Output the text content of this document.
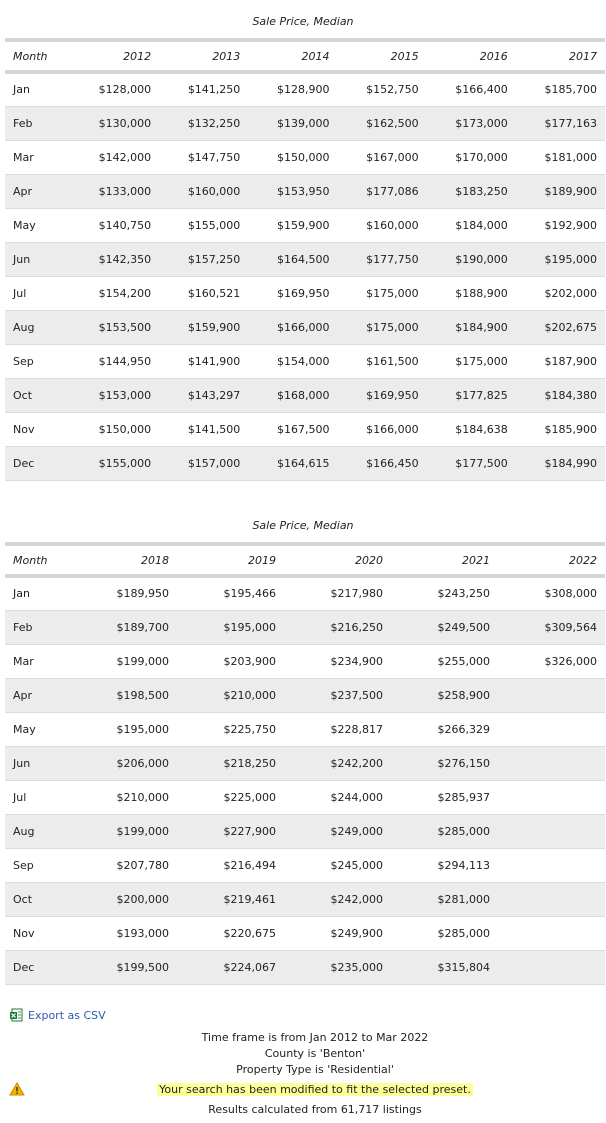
Sale Price, Median
Month	2012	2013	2014	2015	2016	2017
Jan	$128,000	$141,250	$128,900	$152,750	$166,400	$185,700
Feb	$130,000	$132,250	$139,000	$162,500	$173,000	$177,163
Mar	$142,000	$147,750	$150,000	$167,000	$170,000	$181,000
Apr	$133,000	$160,000	$153,950	$177,086	$183,250	$189,900
May	$140,750	$155,000	$159,900	$160,000	$184,000	$192,900
Jun	$142,350	$157,250	$164,500	$177,750	$190,000	$195,000
Jul	$154,200	$160,521	$169,950	$175,000	$188,900	$202,000
Aug	$153,500	$159,900	$166,000	$175,000	$184,900	$202,675
Sep	$144,950	$141,900	$154,000	$161,500	$175,000	$187,900
Oct	$153,000	$143,297	$168,000	$169,950	$177,825	$184,380
Nov	$150,000	$141,500	$167,500	$166,000	$184,638	$185,900
Dec	$155,000	$157,000	$164,615	$166,450	$177,500	$184,990
Sale Price, Median
Month	2018	2019	2020	2021	2022
Jan	$189,950	$195,466	$217,980	$243,250	$308,000
Feb	$189,700	$195,000	$216,250	$249,500	$309,564
Mar	$199,000	$203,900	$234,900	$255,000	$326,000
Apr	$198,500	$210,000	$237,500	$258,900	
May	$195,000	$225,750	$228,817	$266,329	
Jun	$206,000	$218,250	$242,200	$276,150	
Jul	$210,000	$225,000	$244,000	$285,937	
Aug	$199,000	$227,900	$249,000	$285,000	
Sep	$207,780	$216,494	$245,000	$294,113	
Oct	$200,000	$219,461	$242,000	$281,000	
Nov	$193,000	$220,675	$249,900	$285,000	
Dec	$199,500	$224,067	$235,000	$315,804	
Export as CSV
Time frame is from Jan 2012 to Mar 2022
County is 'Benton'
Property Type is 'Residential'
Your search has been modified to fit the selected preset.
Results calculated from 61,717 listings
